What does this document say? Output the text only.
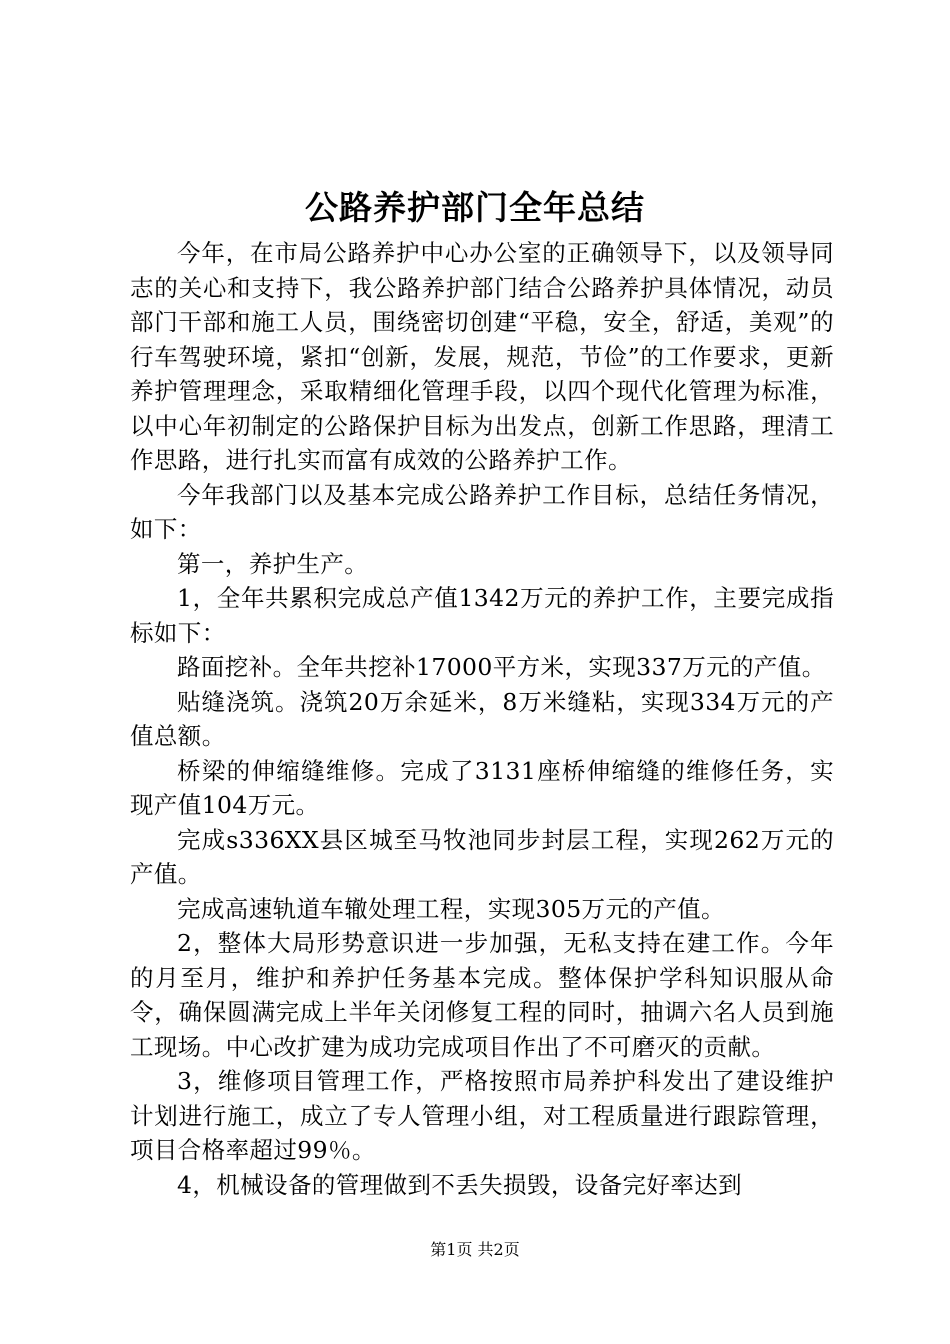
公路养护部门全年总结

今年，在市局公路养护中心办公室的正确领导下，以及领导同志的关心和支持下，我公路养护部门结合公路养护具体情况，动员部门干部和施工人员，围绕密切创建“平稳，安全，舒适，美观”的行车驾驶环境，紧扣“创新，发展，规范，节俭”的工作要求，更新养护管理理念，采取精细化管理手段，以四个现代化管理为标准，以中心年初制定的公路保护目标为出发点，创新工作思路，理清工作思路，进行扎实而富有成效的公路养护工作。

今年我部门以及基本完成公路养护工作目标，总结任务情况，如下：

第一，养护生产。

1，全年共累积完成总产值1342万元的养护工作，主要完成指标如下：

路面挖补。全年共挖补17000平方米，实现337万元的产值。

贴缝浇筑。浇筑20万余延米，8万米缝粘，实现334万元的产值总额。

桥梁的伸缩缝维修。完成了3131座桥伸缩缝的维修任务，实现产值104万元。

完成s336XX县区城至马牧池同步封层工程，实现262万元的产值。

完成高速轨道车辙处理工程，实现305万元的产值。

2，整体大局形势意识进一步加强，无私支持在建工作。今年的月至月，维护和养护任务基本完成。整体保护学科知识服从命令，确保圆满完成上半年关闭修复工程的同时，抽调六名人员到施工现场。中心改扩建为成功完成项目作出了不可磨灭的贡献。

3，维修项目管理工作，严格按照市局养护科发出了建设维护计划进行施工，成立了专人管理小组，对工程质量进行跟踪管理，项目合格率超过99％。

4，机械设备的管理做到不丢失损毁，设备完好率达到

第1页 共2页
